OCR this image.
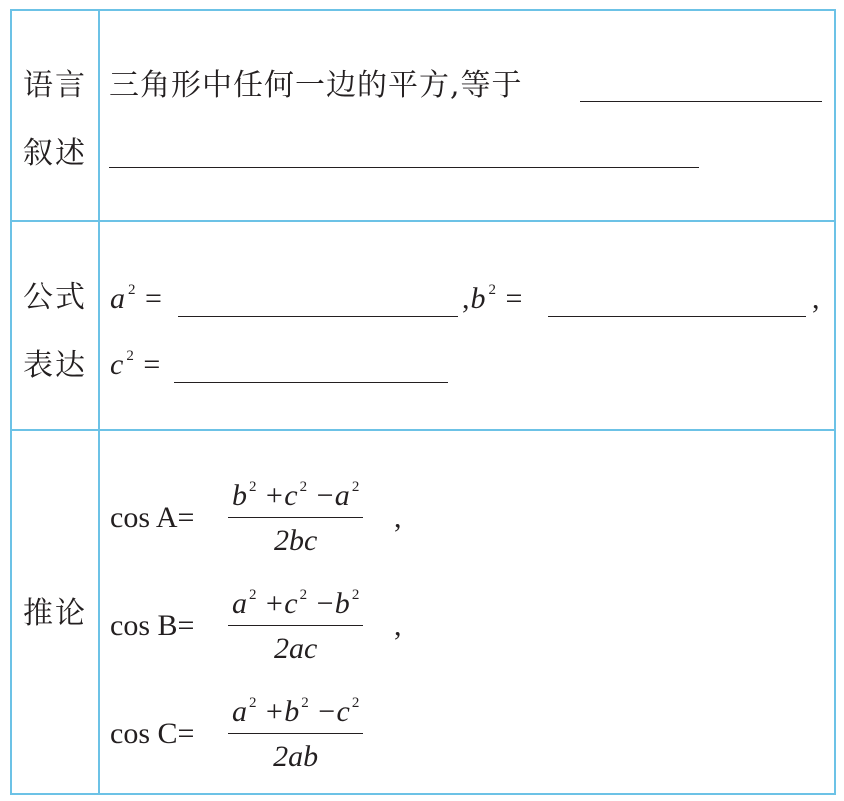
语言
叙述
三角形中任何一边的平方,等于
公式
表达
a $^2$ =	,b $^2$ =	,
c $^2$ =
推论
cos A=
b $^2$ +c $^2$ −a $^2$
2bc
,
cos B=
a $^2$ +c $^2$ −b $^2$
2ac
,
cos C=
a $^2$ +b $^2$ −c $^2$
2ab
